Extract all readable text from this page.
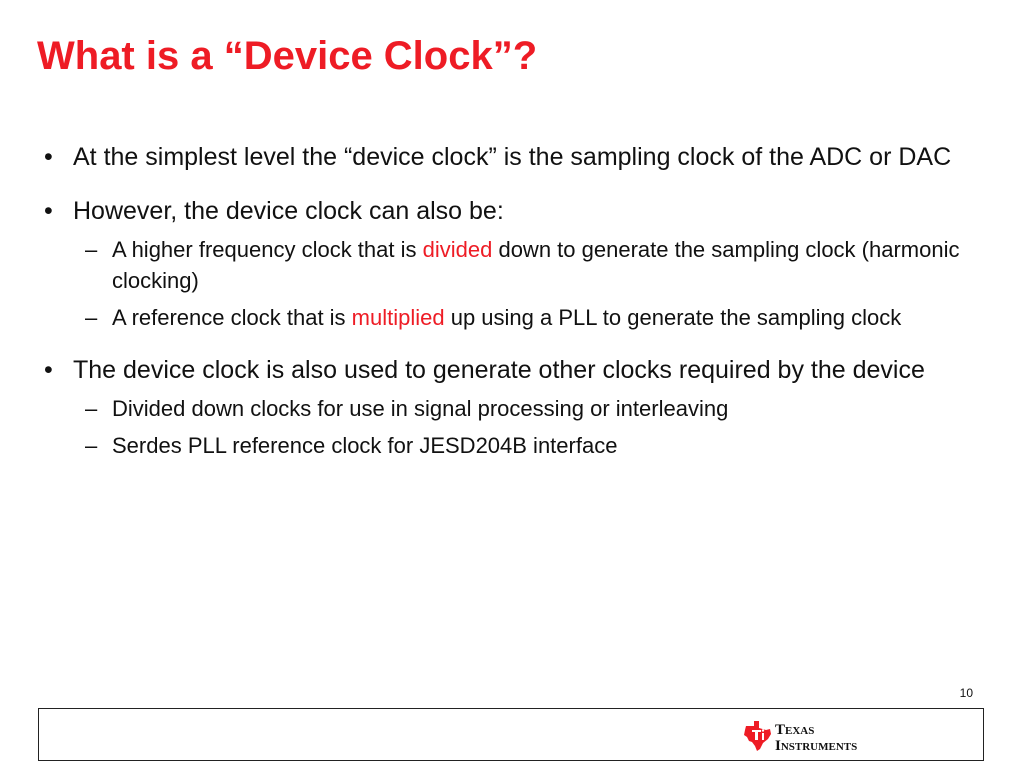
What is a “Device Clock”?
• At the simplest level the “device clock” is the sampling clock of the ADC or DAC
• However, the device clock can also be:
– A higher frequency clock that is divided down to generate the sampling clock (harmonic clocking)
– A reference clock that is multiplied up using a PLL to generate the sampling clock
• The device clock is also used to generate other clocks required by the device
– Divided down clocks for use in signal processing or interleaving
– Serdes PLL reference clock for JESD204B interface
10
TEXAS
INSTRUMENTS
